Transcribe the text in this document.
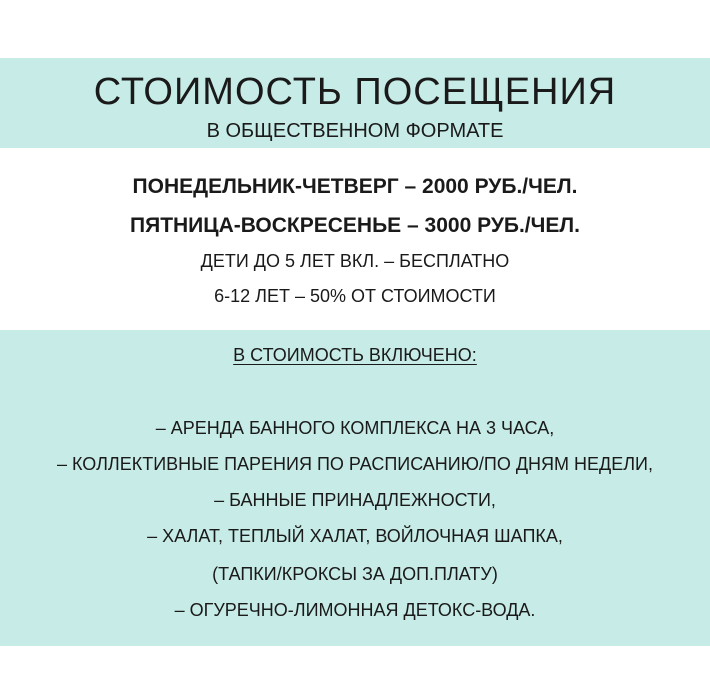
СТОИМОСТЬ ПОСЕЩЕНИЯ
В ОБЩЕСТВЕННОМ ФОРМАТЕ
ПОНЕДЕЛЬНИК-ЧЕТВЕРГ – 2000 РУБ./ЧЕЛ.
ПЯТНИЦА-ВОСКРЕСЕНЬЕ – 3000 РУБ./ЧЕЛ.
ДЕТИ ДО 5 ЛЕТ ВКЛ. – БЕСПЛАТНО
6-12 ЛЕТ – 50% ОТ СТОИМОСТИ
В СТОИМОСТЬ ВКЛЮЧЕНО:
– АРЕНДА БАННОГО КОМПЛЕКСА НА 3 ЧАСА,
– КОЛЛЕКТИВНЫЕ ПАРЕНИЯ ПО РАСПИСАНИЮ/ПО ДНЯМ НЕДЕЛИ,
– БАННЫЕ ПРИНАДЛЕЖНОСТИ,
– ХАЛАТ, ТЕПЛЫЙ ХАЛАТ, ВОЙЛОЧНАЯ ШАПКА,
(ТАПКИ/КРОКСЫ ЗА ДОП.ПЛАТУ)
– ОГУРЕЧНО-ЛИМОННАЯ ДЕТОКС-ВОДА.
